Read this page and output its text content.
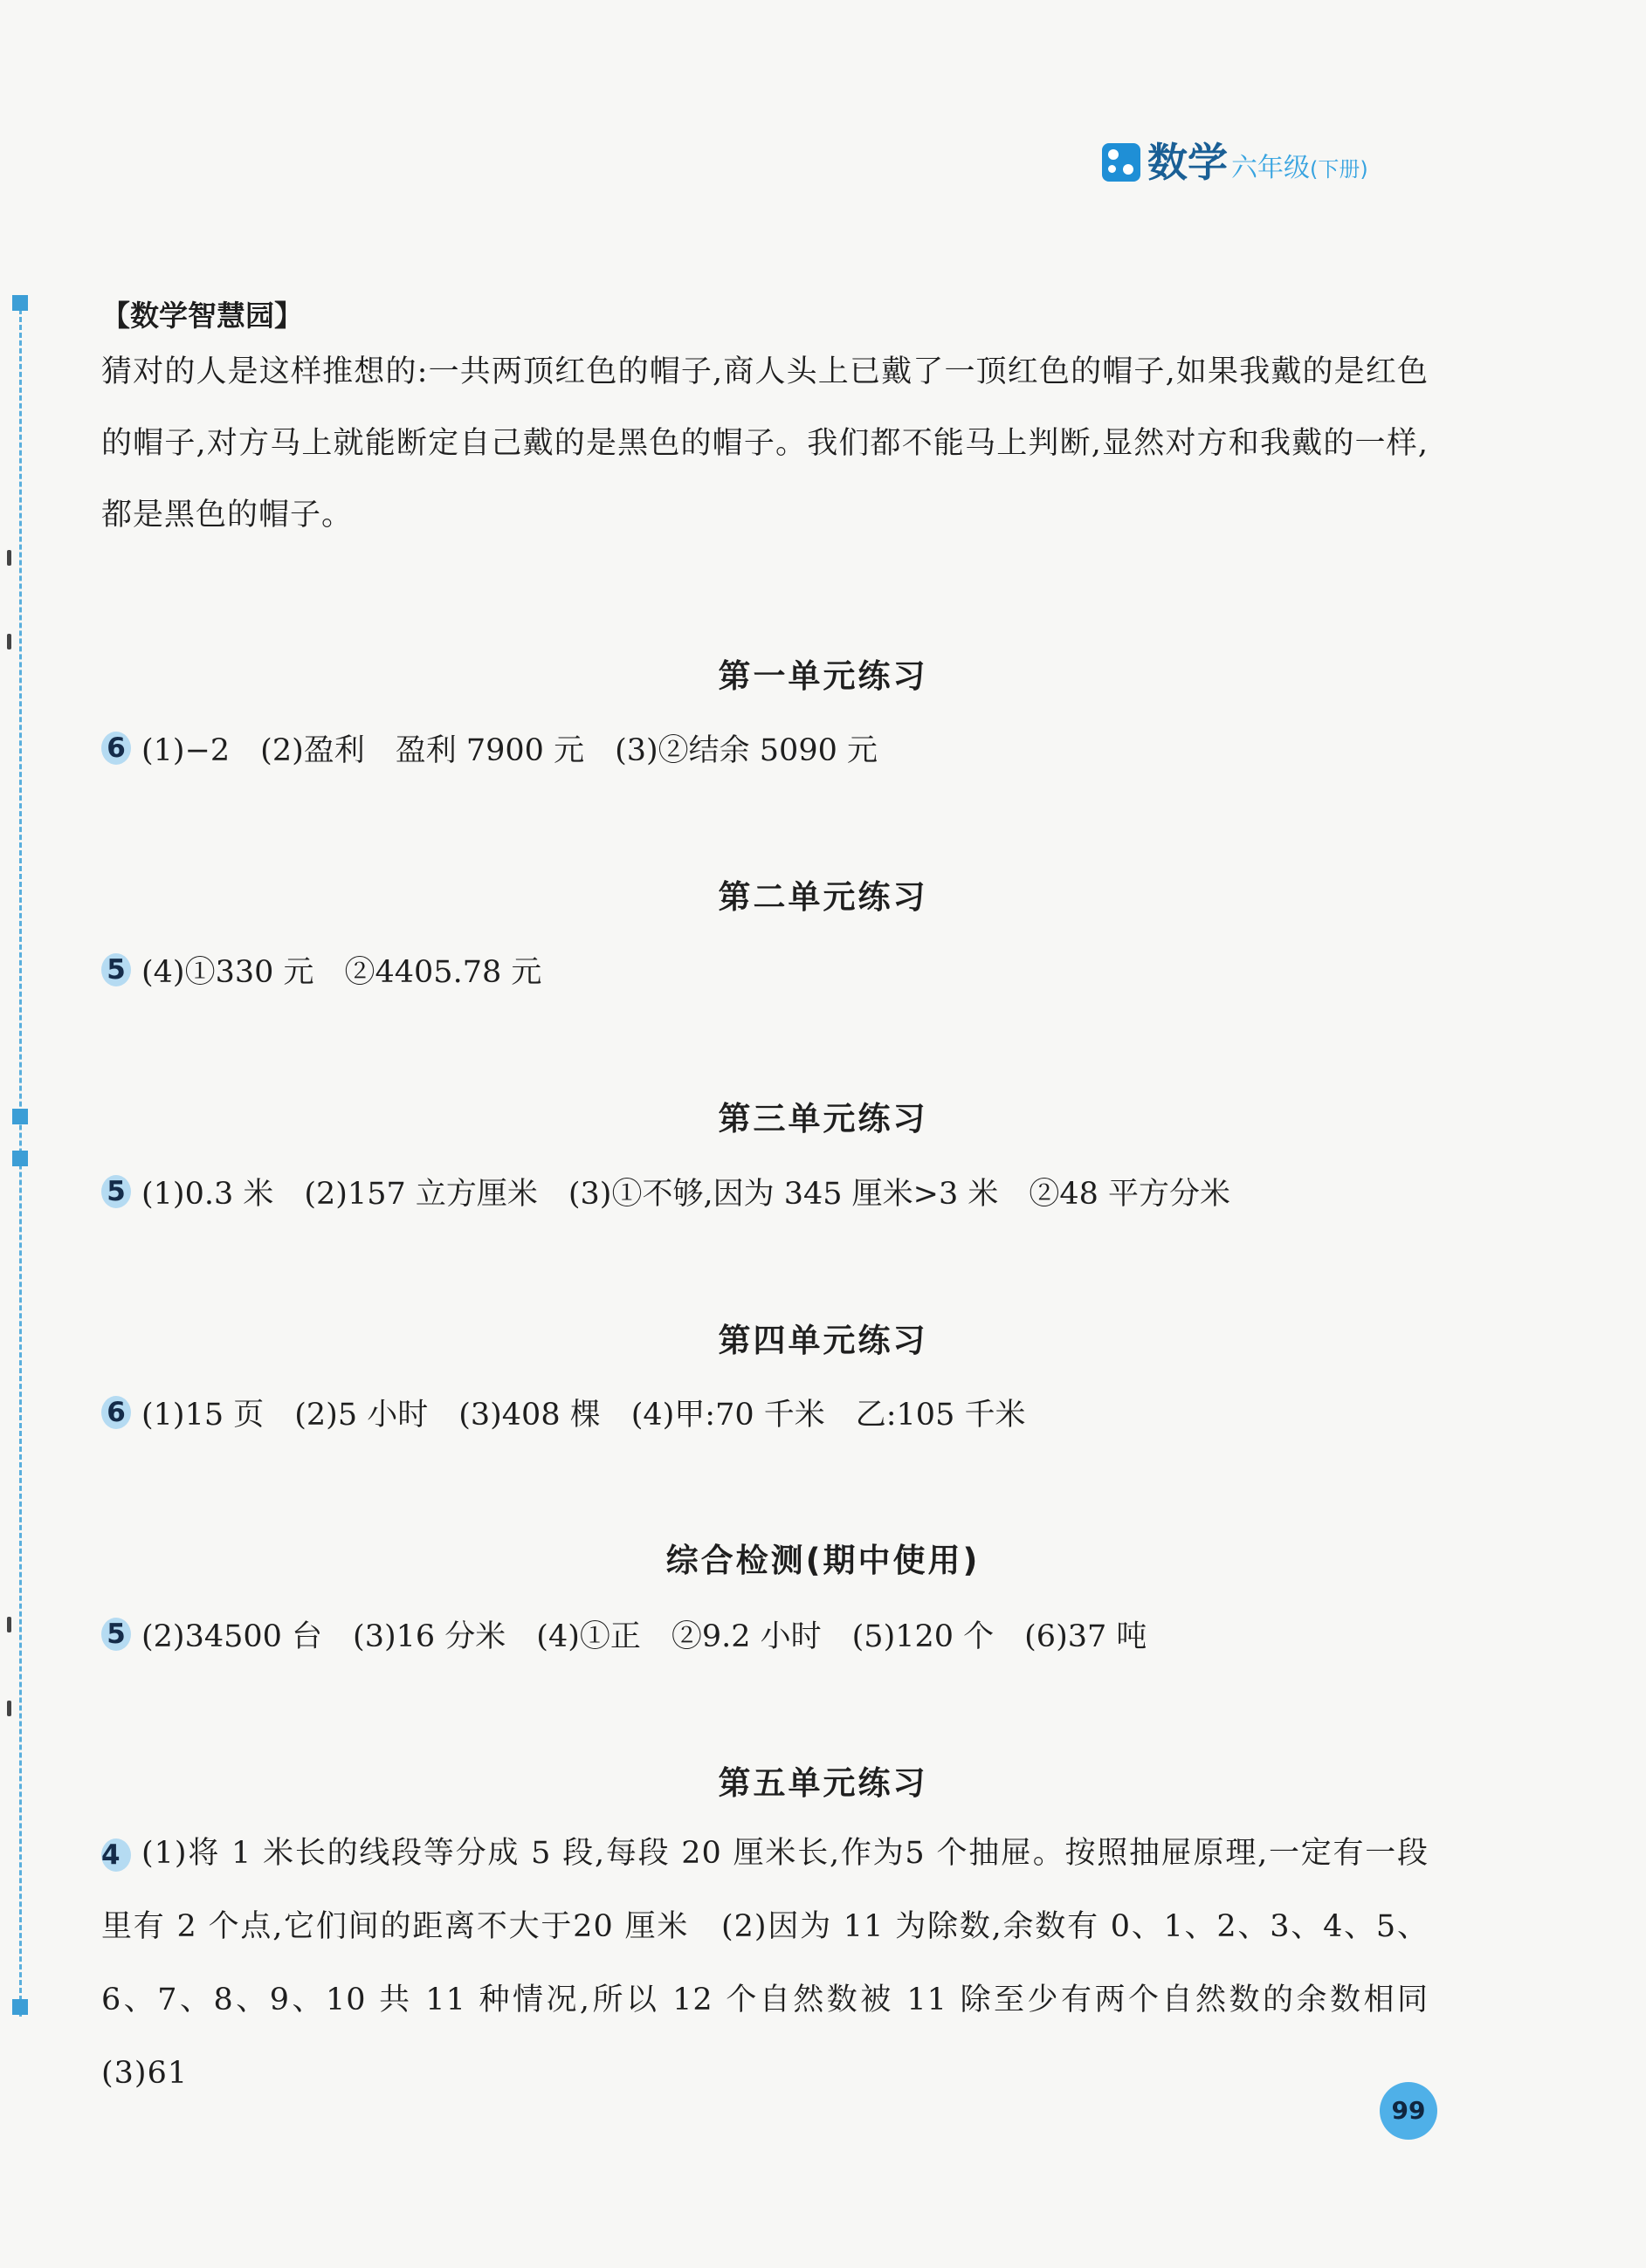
数学 六 年级 (下册)
【数学智慧园】
猜对的人是这样推想的:一共两顶红色的帽子,商人头上已戴了一顶红色的帽子,如果我戴的是红色的帽子,对方马上就能断定自己戴的是黑色的帽子。我们都不能马上判断,显然对方和我戴的一样,都是黑色的帽子。
第一单元练习
6 (1)−2　(2)盈利　盈利 7900 元　(3)②结余 5090 元
第二单元练习
5 (4)①330 元　②4405.78 元
第三单元练习
5 (1)0.3 米　(2)157 立方厘米　(3)①不够,因为 345 厘米>3 米　②48 平方分米
第四单元练习
6 (1)15 页　(2)5 小时　(3)408 棵　(4)甲:70 千米　乙:105 千米
综合检测(期中使用)
5 (2)34500 台　(3)16 分米　(4)①正　②9.2 小时　(5)120 个　(6)37 吨
第五单元练习
4 (1)将 1 米长的线段等分成 5 段,每段 20 厘米长,作为5 个抽屉。按照抽屉原理,一定有一段里有 2 个点,它们间的距离不大于20 厘米　(2)因为 11 为除数,余数有 0、1、2、3、4、5、6、7、8、9、10 共 11 种情况,所以 12 个自然数被 11 除至少有两个自然数的余数相同　(3)61
99
